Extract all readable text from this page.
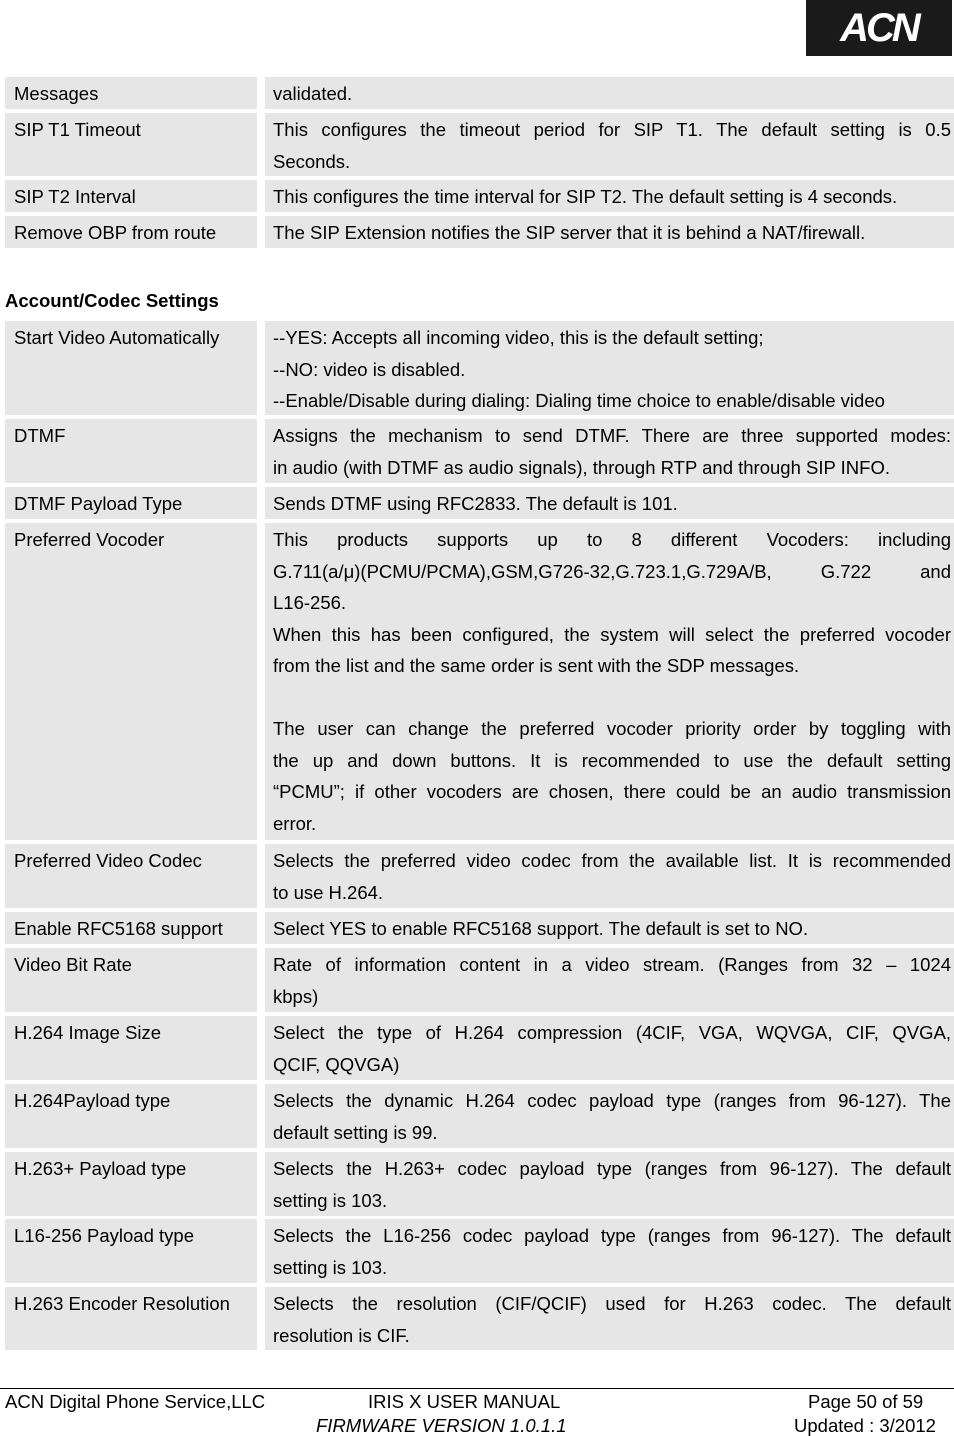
ACN
Messages	validated.
SIP T1 Timeout	This configures the timeout period for SIP T1. The default setting is 0.5
Seconds.
SIP T2 Interval	This configures the time interval for SIP T2. The default setting is 4 seconds.
Remove OBP from route	The SIP Extension notifies the SIP server that it is behind a NAT/firewall.
Account/Codec Settings
Start Video Automatically	--YES: Accepts all incoming video, this is the default setting;
--NO: video is disabled.
--Enable/Disable during dialing: Dialing time choice to enable/disable video
DTMF	Assigns the mechanism to send DTMF. There are three supported modes:
in audio (with DTMF as audio signals), through RTP and through SIP INFO.
DTMF Payload Type	Sends DTMF using RFC2833. The default is 101.
Preferred Vocoder	This products supports up to 8 different Vocoders: including
G.711(a/μ)(PCMU/PCMA),GSM,G726-32,G.723.1,G.729A/B, G.722 and
L16-256.
When this has been configured, the system will select the preferred vocoder
from the list and the same order is sent with the SDP messages.
The user can change the preferred vocoder priority order by toggling with
the up and down buttons. It is recommended to use the default setting
“PCMU”; if other vocoders are chosen, there could be an audio transmission
error.
Preferred Video Codec	Selects the preferred video codec from the available list. It is recommended
to use H.264.
Enable RFC5168 support	Select YES to enable RFC5168 support. The default is set to NO.
Video Bit Rate	Rate of information content in a video stream. (Ranges from 32 – 1024
kbps)
H.264 Image Size	Select the type of H.264 compression (4CIF, VGA, WQVGA, CIF, QVGA,
QCIF, QQVGA)
H.264Payload type	Selects the dynamic H.264 codec payload type (ranges from 96-127). The
default setting is 99.
H.263+ Payload type	Selects the H.263+ codec payload type (ranges from 96-127). The default
setting is 103.
L16-256 Payload type	Selects the L16-256 codec payload type (ranges from 96-127). The default
setting is 103.
H.263 Encoder Resolution	Selects the resolution (CIF/QCIF) used for H.263 codec. The default
resolution is CIF.
ACN Digital Phone Service,LLC	IRIS X USER MANUAL
FIRMWARE VERSION 1.0.1.1
Page 50 of 59
Updated : 3/2012
